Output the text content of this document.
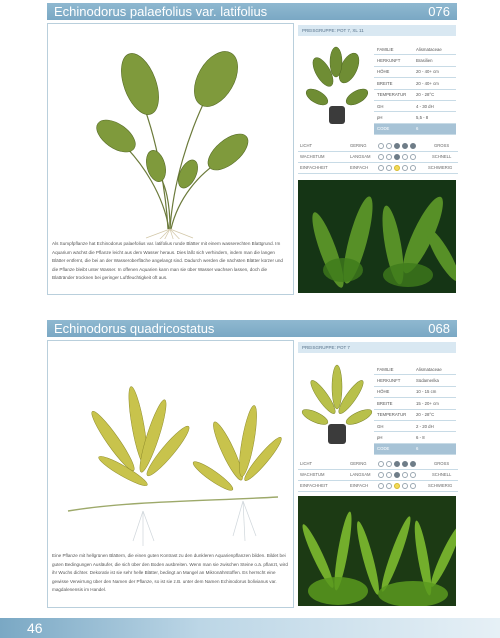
Echinodorus palaefolius var. latifolius	076

Als Sumpfpflanze hat Echinodorus palaefolius var. latifolius runde Blätter mit einem wasserechten Blattgrund. Im Aquarium wächst die Pflanze leicht aus dem Wasser heraus. Dies läßt sich verhindern, indem man die langen Blätter entfernt, die bei an der Wasseroberfläche angelangt sind. Dadurch werden die nächsten Blätter kürzer und die Pflanze bleibt unter Wasser. In offenen Aquarien kann man sie über Wasser wachsen lassen, doch die Blattränder trocknen bei geringer Luftfeuchtigkeit oft aus.

PREISGRUPPE: POT 7, XL 11
FAMILIE	Alismataceae
HERKUNFT	Brasilien
HÖHE	20 - 40+ cm
BREITE	20 - 40+ cm
TEMPERATUR	20 - 28°C
GH	4 - 30 dH
pH	5,5 - 8
CODE	6
LICHT	GERING	GROSS
WACHSTUM	LANGSAM	SCHNELL
EINFACHHEIT	EINFACH	SCHWIERIG
Echinodorus quadricostatus	068

Eine Pflanze mit hellgrünen Blättern, die einen guten Kontrast zu den dunkleren Aquarienpflanzen bilden. Bildet bei guten Bedingungen Ausläufer, die sich über den Boden ausbreiten. Wenn man sie zwischen Steine o.ä. pflanzt, wird ihr Wuchs dichter. Dekorativ ist sie sehr helle Blätter, bedingt an Mangel an Mikronährstoffen. Es herrscht eine gewisse Verwirrung über den Namen der Pflanze, so ist sie z.B. unter dem Namen Echinodorus bolivianus var. magdalenensis im Handel.

PREISGRUPPE: POT 7
FAMILIE	Alismataceae
HERKUNFT	Südamerika
HÖHE	10 - 15 cm
BREITE	15 - 20+ cm
TEMPERATUR	20 - 28°C
GH	2 - 20 dH
pH	6 - 8
CODE	6
LICHT	GERING	GROSS
WACHSTUM	LANGSAM	SCHNELL
EINFACHHEIT	EINFACH	SCHWIERIG
46
